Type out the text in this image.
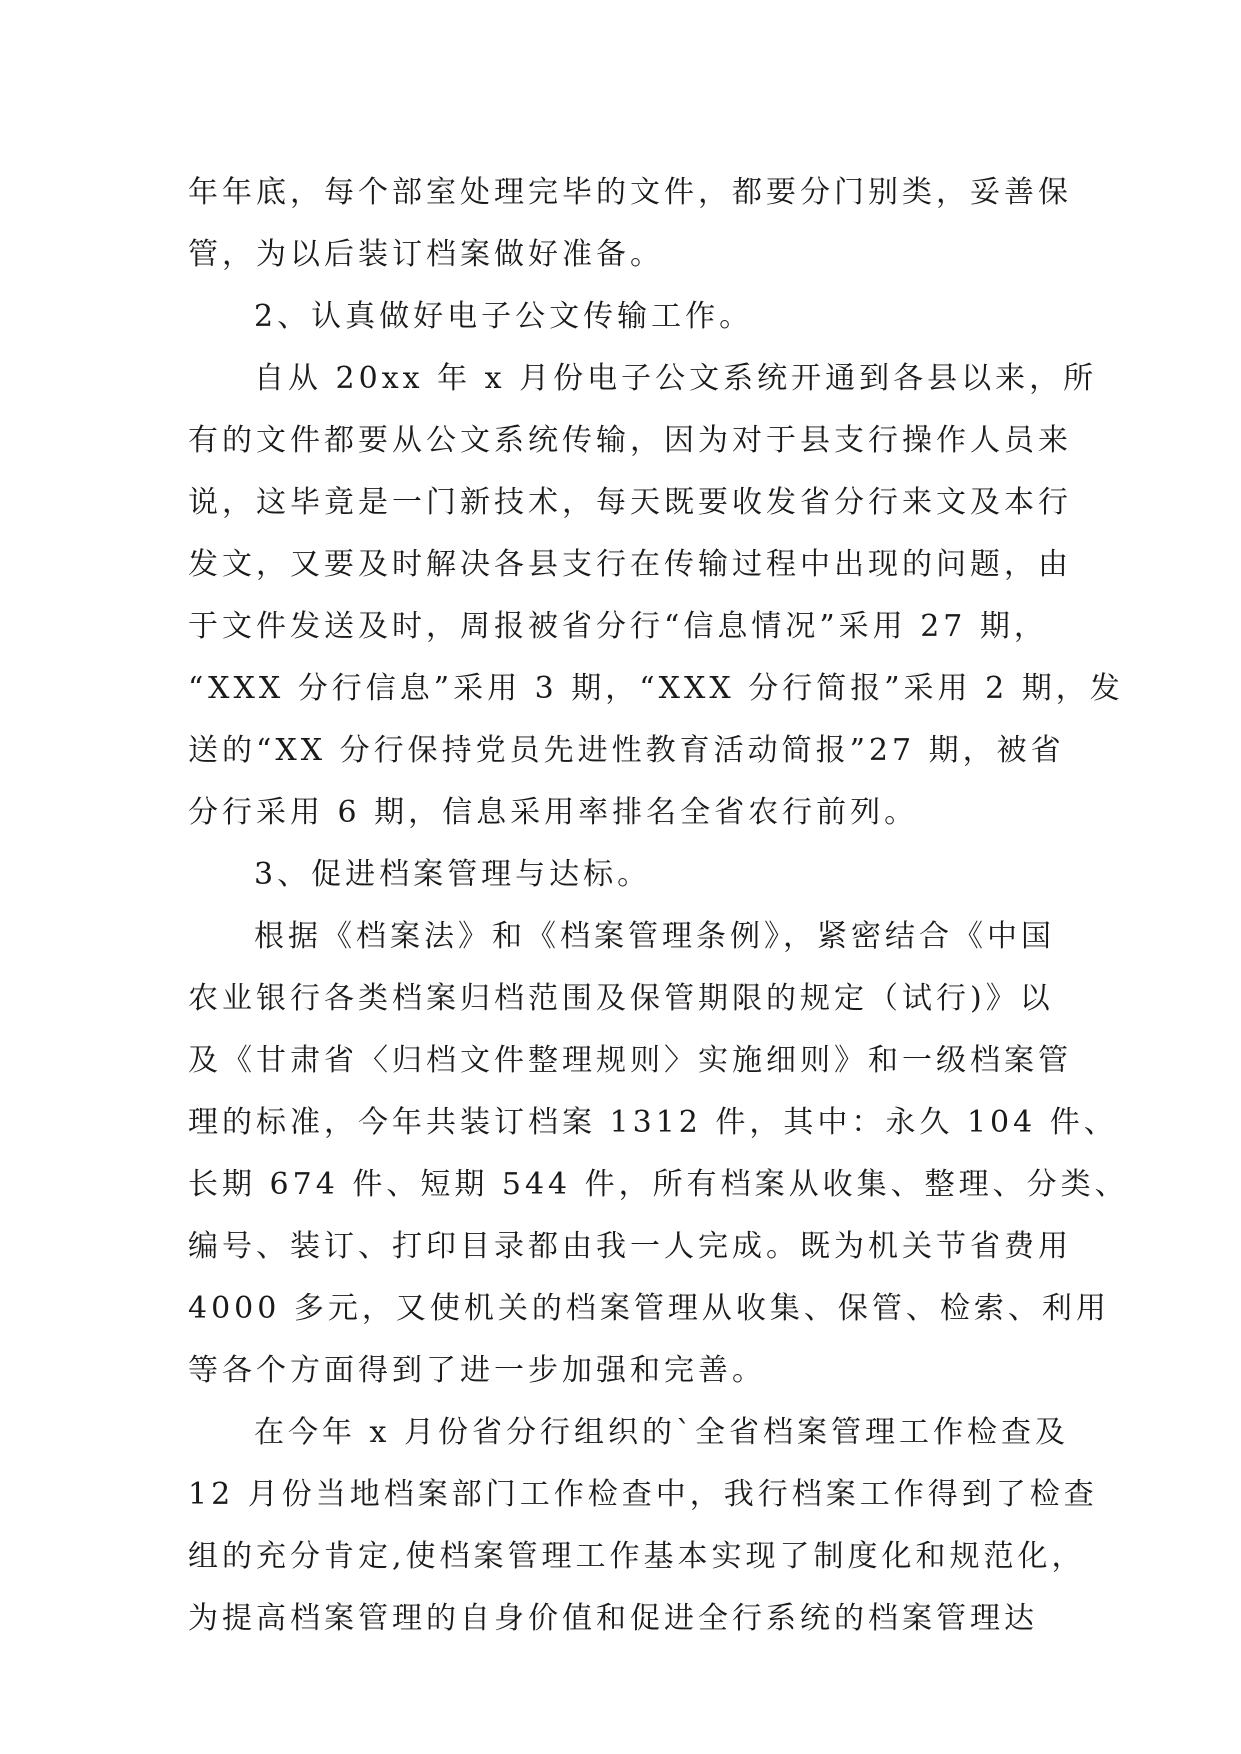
年年底，每个部室处理完毕的文件，都要分门别类，妥善保
管，为以后装订档案做好准备。
2、认真做好电子公文传输工作。
自从 20xx 年 x 月份电子公文系统开通到各县以来，所
有的文件都要从公文系统传输，因为对于县支行操作人员来
说，这毕竟是一门新技术，每天既要收发省分行来文及本行
发文，又要及时解决各县支行在传输过程中出现的问题，由
于文件发送及时，周报被省分行“信息情况”采用 27 期，
“XXX 分行信息”采用 3 期，“XXX 分行简报”采用 2 期，发
送的“XX 分行保持党员先进性教育活动简报”27 期，被省
分行采用 6 期，信息采用率排名全省农行前列。
3、促进档案管理与达标。
根据《档案法》和《档案管理条例》，紧密结合《中国
农业银行各类档案归档范围及保管期限的规定（试行)》以
及《甘肃省〈归档文件整理规则〉实施细则》和一级档案管
理的标准，今年共装订档案 1312 件，其中：永久 104 件、
长期 674 件、短期 544 件，所有档案从收集、整理、分类、
编号、装订、打印目录都由我一人完成。既为机关节省费用
4000 多元，又使机关的档案管理从收集、保管、检索、利用
等各个方面得到了进一步加强和完善。
在今年 x 月份省分行组织的`全省档案管理工作检查及
12 月份当地档案部门工作检查中，我行档案工作得到了检查
组的充分肯定,使档案管理工作基本实现了制度化和规范化，
为提高档案管理的自身价值和促进全行系统的档案管理达
